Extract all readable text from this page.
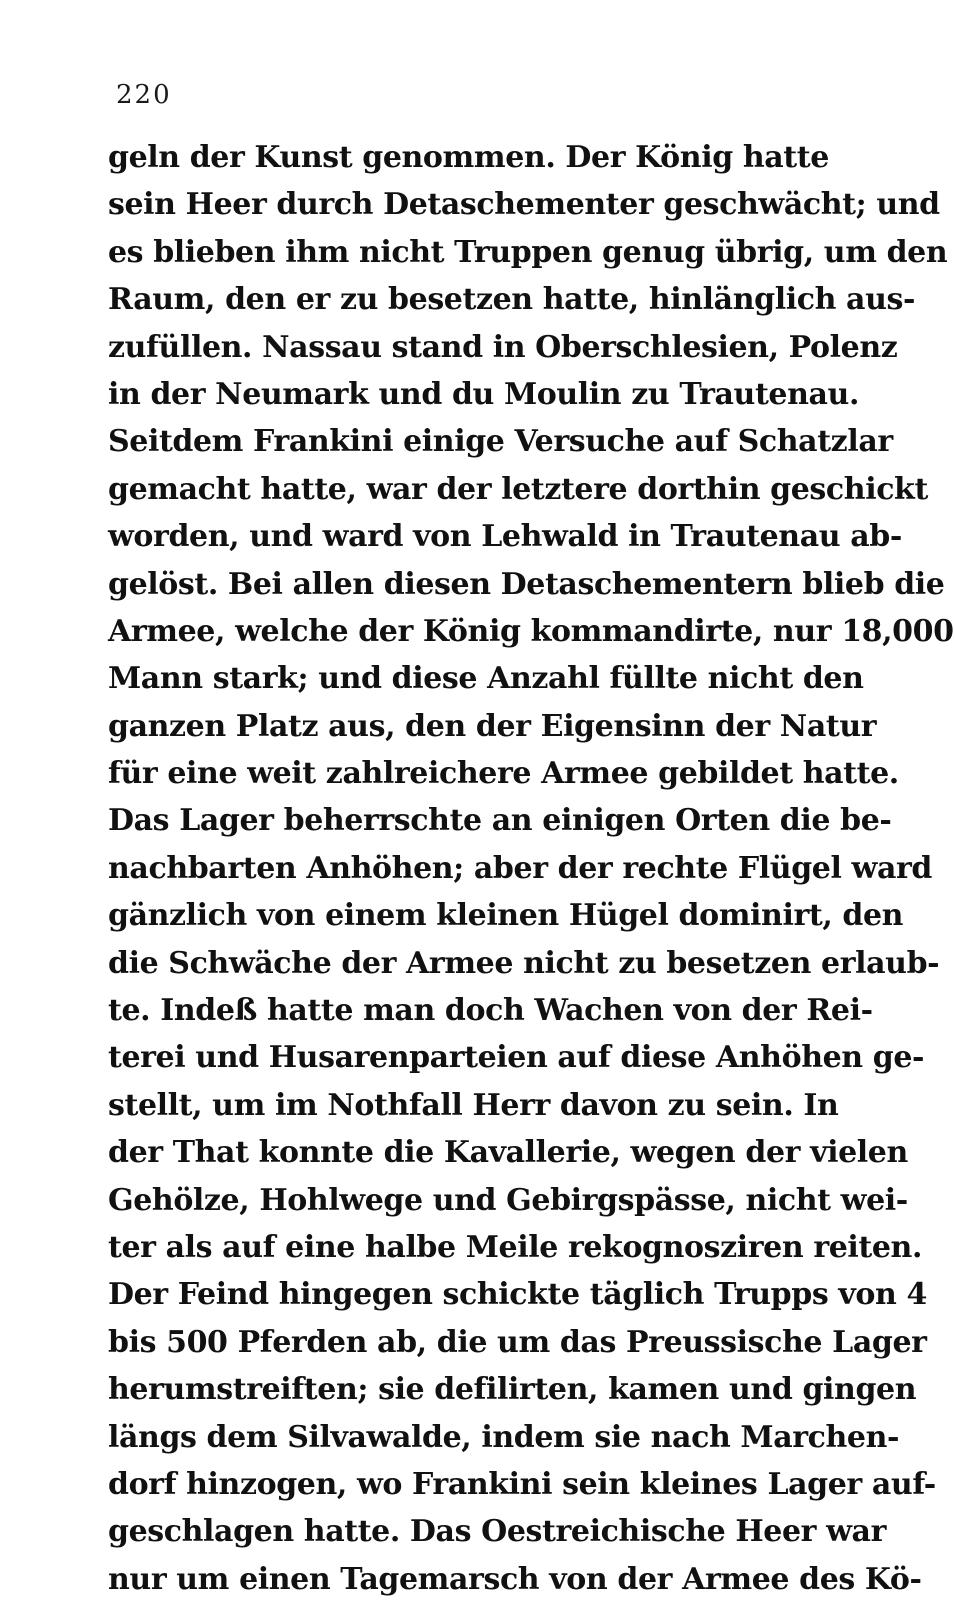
220
geln der Kunst genommen. Der König hatte
sein Heer durch Detaschementer geschwächt; und
es blieben ihm nicht Truppen genug übrig, um den
Raum, den er zu besetzen hatte, hinlänglich aus-
zufüllen. Nassau stand in Oberschlesien, Polenz
in der Neumark und du Moulin zu Trautenau.
Seitdem Frankini einige Versuche auf Schatzlar
gemacht hatte, war der letztere dorthin geschickt
worden, und ward von Lehwald in Trautenau ab-
gelöst. Bei allen diesen Detaschementern blieb die
Armee, welche der König kommandirte, nur 18,000
Mann stark; und diese Anzahl füllte nicht den
ganzen Platz aus, den der Eigensinn der Natur
für eine weit zahlreichere Armee gebildet hatte.
Das Lager beherrschte an einigen Orten die be-
nachbarten Anhöhen; aber der rechte Flügel ward
gänzlich von einem kleinen Hügel dominirt, den
die Schwäche der Armee nicht zu besetzen erlaub-
te. Indeß hatte man doch Wachen von der Rei-
terei und Husarenparteien auf diese Anhöhen ge-
stellt, um im Nothfall Herr davon zu sein. In
der That konnte die Kavallerie, wegen der vielen
Gehölze, Hohlwege und Gebirgspässe, nicht wei-
ter als auf eine halbe Meile rekognosziren reiten.
Der Feind hingegen schickte täglich Trupps von 4
bis 500 Pferden ab, die um das Preussische Lager
herumstreiften; sie defilirten, kamen und gingen
längs dem Silvawalde, indem sie nach Marchen-
dorf hinzogen, wo Frankini sein kleines Lager auf-
geschlagen hatte. Das Oestreichische Heer war
nur um einen Tagemarsch von der Armee des Kö-
